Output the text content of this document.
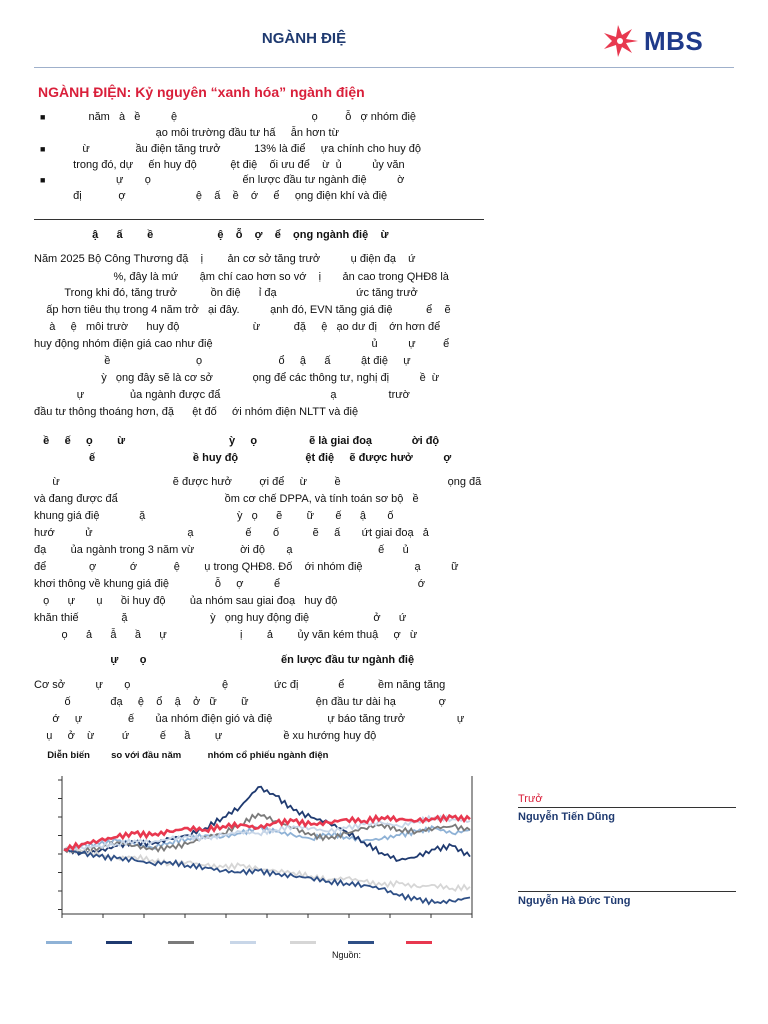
NGÀNH ĐIỆ	MBS
NGÀNH ĐIỆN: Kỷ nguyên “xanh hóa” ngành điện
■ năm   à   ề          ệ                                            ọ         ỗ   ợ nhóm điệ
ạo môi trường đầu tư hấ     ẫn hơn từ
■ ừ               ầu điện tăng trưở           13% là điể     ựa chính cho huy độ
trong đó, dự     ến huy độ           ệt điệ    ối ưu để    ừ  ủ          ủy văn
■ ự       ọ                              ến lược đầu tư ngành điệ          ờ
đị            ợ                       ệ    ấ    ề    ớ     ể     ọng điện khí và điệ
ậ      ấ        ề                     ệ    ỗ    ợ    ể    ọng ngành điệ    ừ
Năm 2025 Bộ Công Thương đặ    ị        ản cơ sở tăng trưở          ụ điện đạ    ứ
%, đây là mứ       ậm chí cao hơn so vớ    ị       ản cao trong QHĐ8 là
Trong khi đó, tăng trưở           ồn điệ      ỉ đạ                          ức tăng trưở
ấp hơn tiêu thụ trong 4 năm trở   ại đây.          ạnh đó, EVN tăng giá điệ           ể    ẽ
à     ệ   môi trườ      huy độ                        ừ           đặ     ệ   ạo dư đị    ớn hơn để
huy động nhóm điện giá cao như điệ                                                    ủ          ự         ể
ề                            ọ                         ổ     ậ      ấ          ật điệ     ự
ỳ   ọng đây sẽ là cơ sở             ọng để các thông tư, nghị đị          ề  ừ
ự               ủa ngành được đẩ                                    ạ                 trườ
đầu tư thông thoáng hơn, đặ      ệt đố     ới nhóm điện NLTT và điệ
ề     ế     ọ        ừ                                  ỳ     ọ                 ẽ là giai đoạ             ời độ
ế                                ề huy độ                      ệt điệ     ẽ được hưở          ợ
ừ                                     ẽ được hưở         ợi để     ừ         ề                                   ọng đã
và đang được đẩ                                   ồm cơ chế DPPA, và tính toán sơ bộ   ề
khung giá điệ             ặ                              ỳ   ọ      ẽ        ữ       ế      ậ       ố
hướ          ử                               ạ                 ế       ố           ẽ     ấ       ứt giai đoạ   ả
đạ        ủa ngành trong 3 năm vừ               ời độ       ạ                            ế      ủ
để              ợ           ớ            ệ        ụ trong QHĐ8. Đố    ới nhóm điệ                 ạ          ữ
khơi thông về khung giá điệ               ỗ     ợ          ể                                             ớ
ọ      ự       ụ      ồi huy độ        ủa nhóm sau giai đoạ   huy độ
khăn thiế              ặ                           ỳ   ọng huy động điệ                     ở      ứ
ọ      ả      ẫ      ầ      ự                        ị        ả        ủy văn kém thuậ     ợ   ừ
ự       ọ                                            ến lược đầu tư ngành điệ
Cơ sở          ự       ọ                              ệ               ức đị             ể           ềm năng tăng
ố             đạ     ệ    ổ    ậ    ở   ữ        ữ                      ện đầu tư dài hạ              ợ
ớ     ự               ế       ủa nhóm điện gió và điệ                  ự báo tăng trưở                 ự
ụ     ở    ừ         ứ          ế      ầ        ự                    ề xu hướng huy độ
Diễn biến        so với đầu năm          nhóm cổ phiếu ngành điện
Nguồn:
Trưở
Nguyễn Tiến Dũng
Nguyễn Hà Đức Tùng
